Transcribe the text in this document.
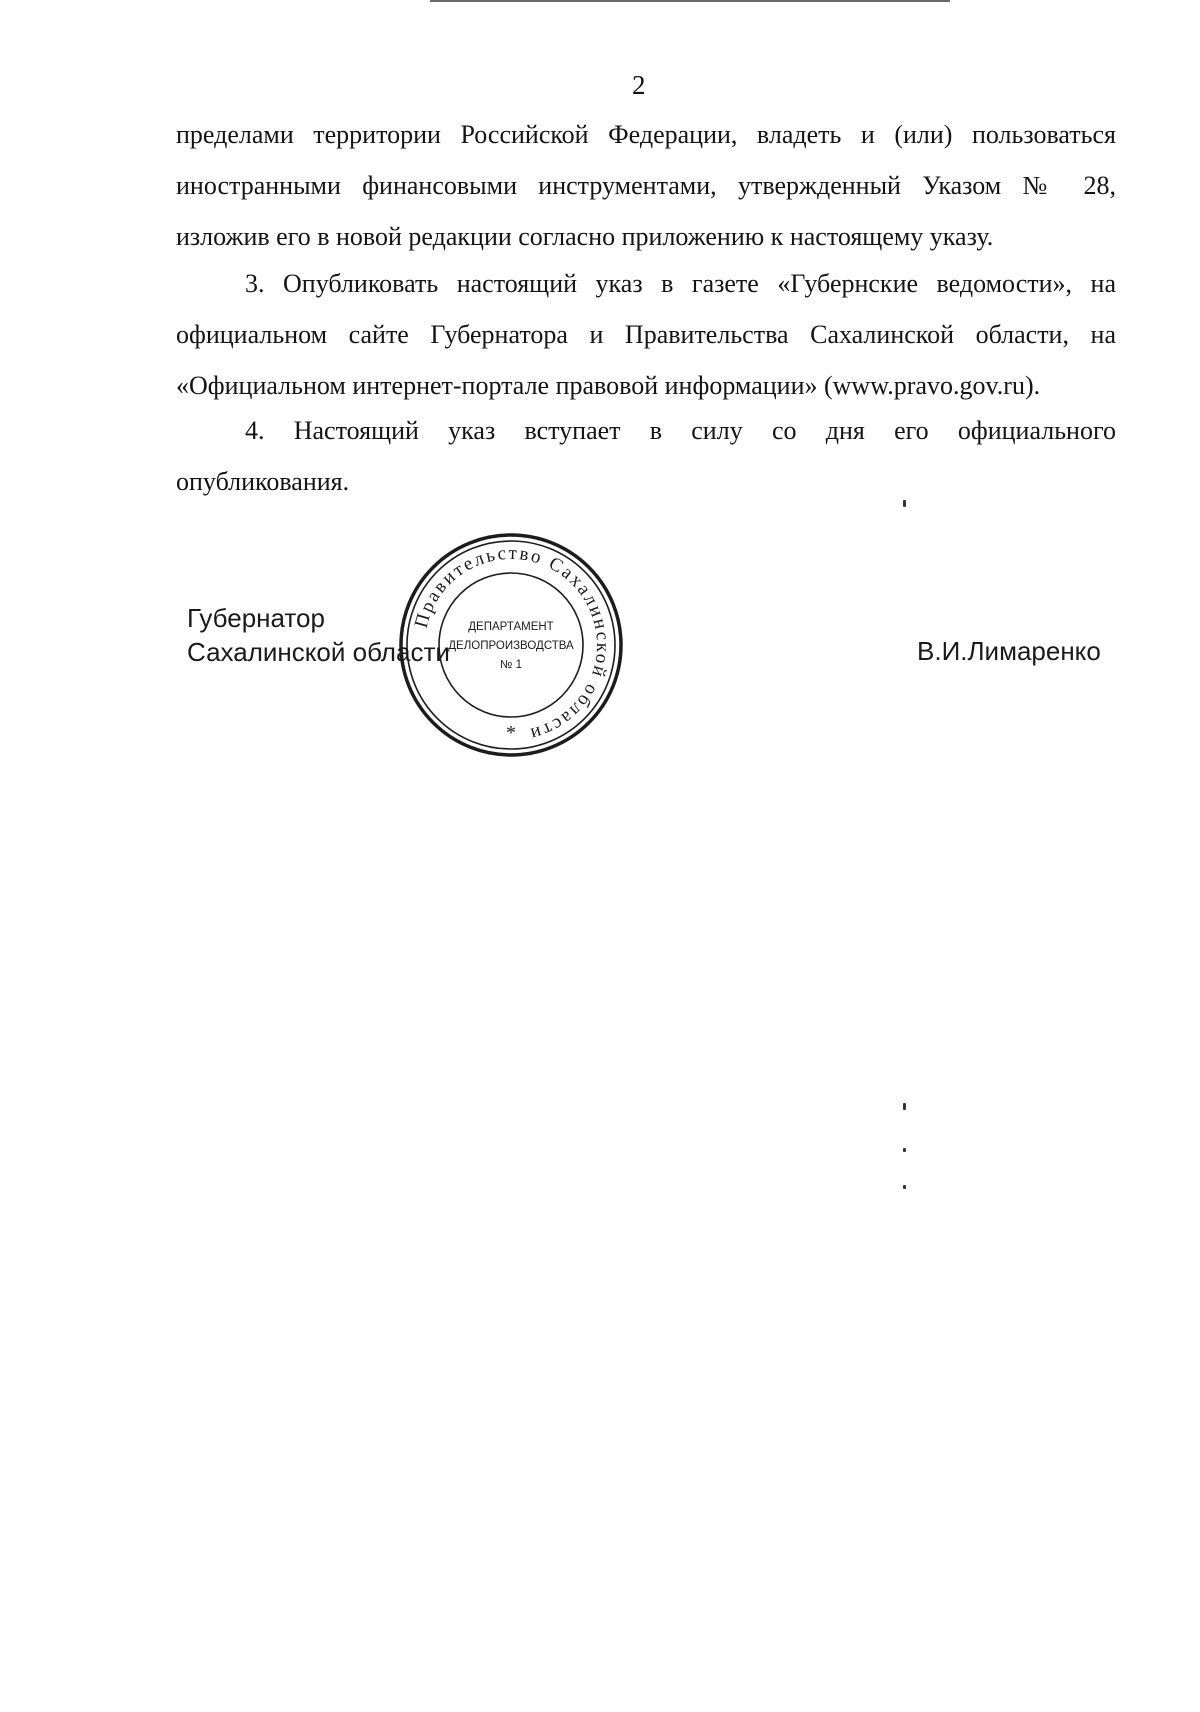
2
пределами территории Российской Федерации, владеть и (или) пользоваться
иностранными финансовыми инструментами, утвержденный Указом № 28,
изложив его в новой редакции согласно приложению к настоящему указу.
3. Опубликовать настоящий указ в газете «Губернские ведомости», на
официальном сайте Губернатора и Правительства Сахалинской области, на
«Официальном интернет-портале правовой информации» (www.pravo.gov.ru).
4. Настоящий указ вступает в силу со дня его официального
опубликования.
Губернатор
Сахалинской области	В.И.Лимаренко
Правительство Сахалинской области
ДЕПАРТАМЕНТ
ДЕЛОПРОИЗВОДСТВА
№ 1
*
